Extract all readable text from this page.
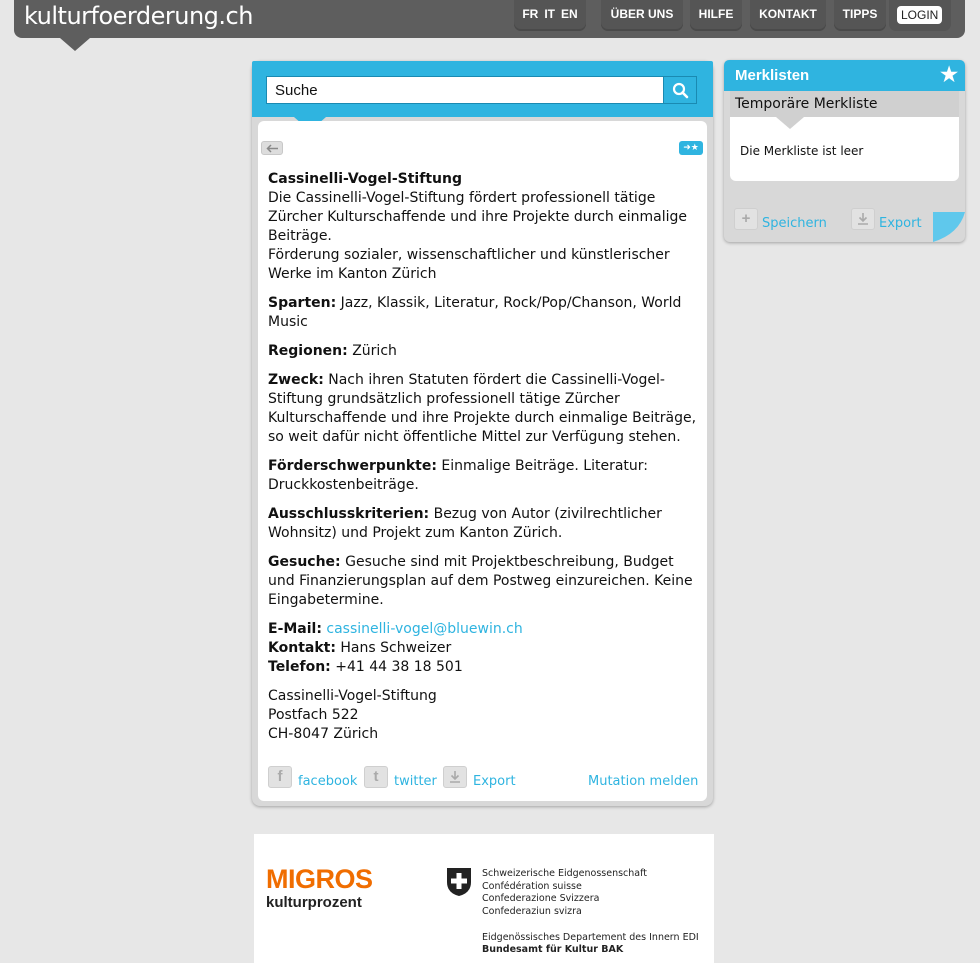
kulturfoerderung.ch	FR IT EN	ÜBER UNS	HILFE	KONTAKT	TIPPS	LOGIN
Suche
➜★
Cassinelli-Vogel-Stiftung
Die Cassinelli-Vogel-Stiftung fördert professionell tätige Zürcher Kulturschaffende und ihre Projekte durch einmalige Beiträge.
Förderung sozialer, wissenschaftlicher und künstlerischer Werke im Kanton Zürich
Sparten: Jazz, Klassik, Literatur, Rock/Pop/Chanson, World Music
Regionen: Zürich
Zweck: Nach ihren Statuten fördert die Cassinelli-Vogel-Stiftung grundsätzlich professionell tätige Zürcher Kulturschaffende und ihre Projekte durch einmalige Beiträge, so weit dafür nicht öffentliche Mittel zur Verfügung stehen.
Förderschwerpunkte: Einmalige Beiträge. Literatur: Druckkostenbeiträge.
Ausschlusskriterien: Bezug von Autor (zivilrechtlicher Wohnsitz) und Projekt zum Kanton Zürich.
Gesuche: Gesuche sind mit Projektbeschreibung, Budget und Finanzierungsplan auf dem Postweg einzureichen. Keine Eingabetermine.
E-Mail: cassinelli-vogel@bluewin.ch
Kontakt: Hans Schweizer
Telefon: +41 44 38 18 501
Cassinelli-Vogel-Stiftung
Postfach 522
CH-8047 Zürich
f	facebook	t	twitter	Export	Mutation melden
Merklisten	★
Temporäre Merkliste
Die Merkliste ist leer
+ Speichern	Export
MIGROS
kulturprozent
Schweizerische Eidgenossenschaft
Confédération suisse
Confederazione Svizzera
Confederaziun svizra
Eidgenössisches Departement des Innern EDI
Bundesamt für Kultur BAK
